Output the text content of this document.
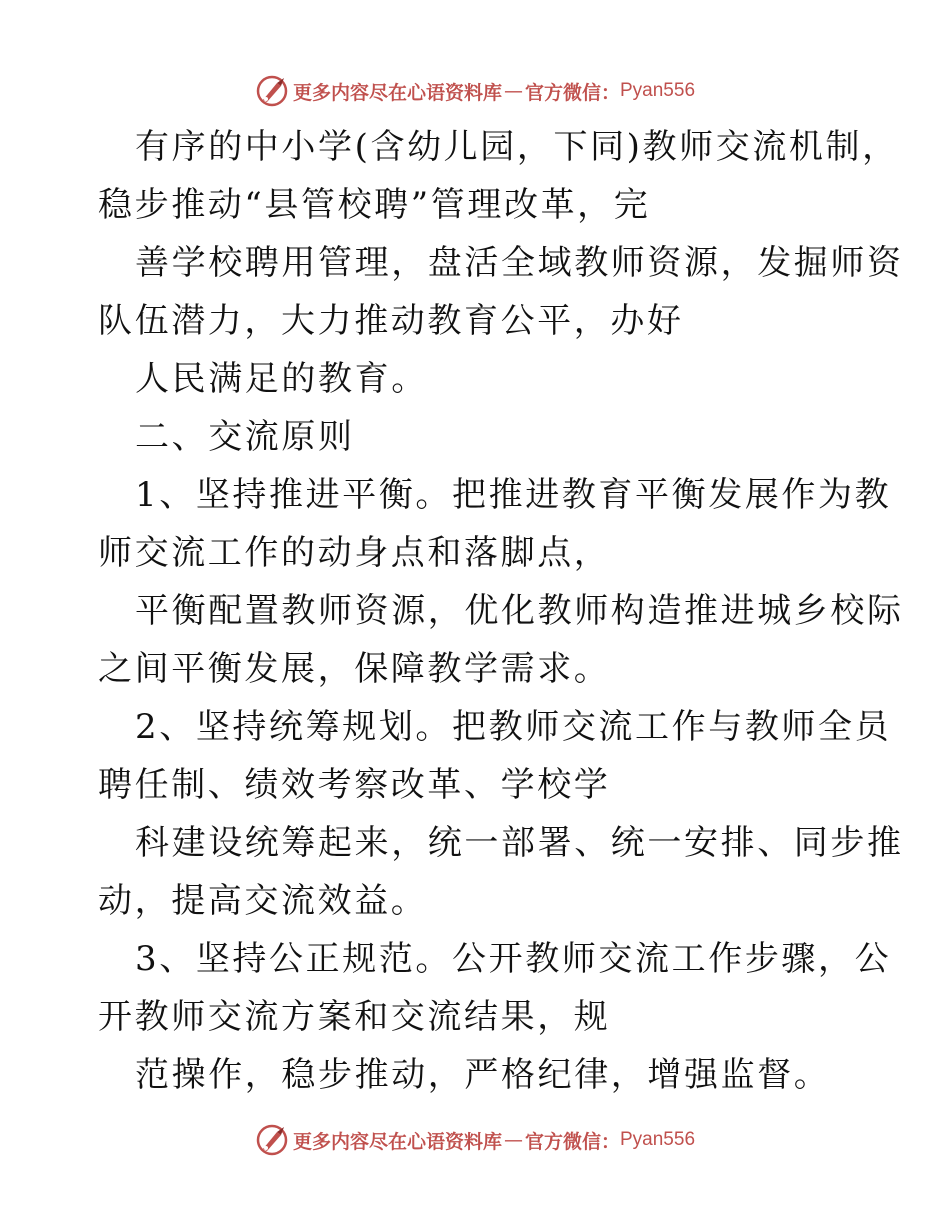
更多内容尽在心语资料库 — 官方微信： Pyan556
有序的中小学(含幼儿园，下同)教师交流机制，
稳步推动“县管校聘”管理改革，完
善学校聘用管理，盘活全域教师资源，发掘师资
队伍潜力，大力推动教育公平，办好
人民满足的教育。
二、交流原则
1、坚持推进平衡。把推进教育平衡发展作为教
师交流工作的动身点和落脚点，
平衡配置教师资源，优化教师构造推进城乡校际
之间平衡发展，保障教学需求。
2、坚持统筹规划。把教师交流工作与教师全员
聘任制、绩效考察改革、学校学
科建设统筹起来，统一部署、统一安排、同步推
动，提高交流效益。
3、坚持公正规范。公开教师交流工作步骤，公
开教师交流方案和交流结果，规
范操作，稳步推动，严格纪律，增强监督。
更多内容尽在心语资料库 — 官方微信： Pyan556
